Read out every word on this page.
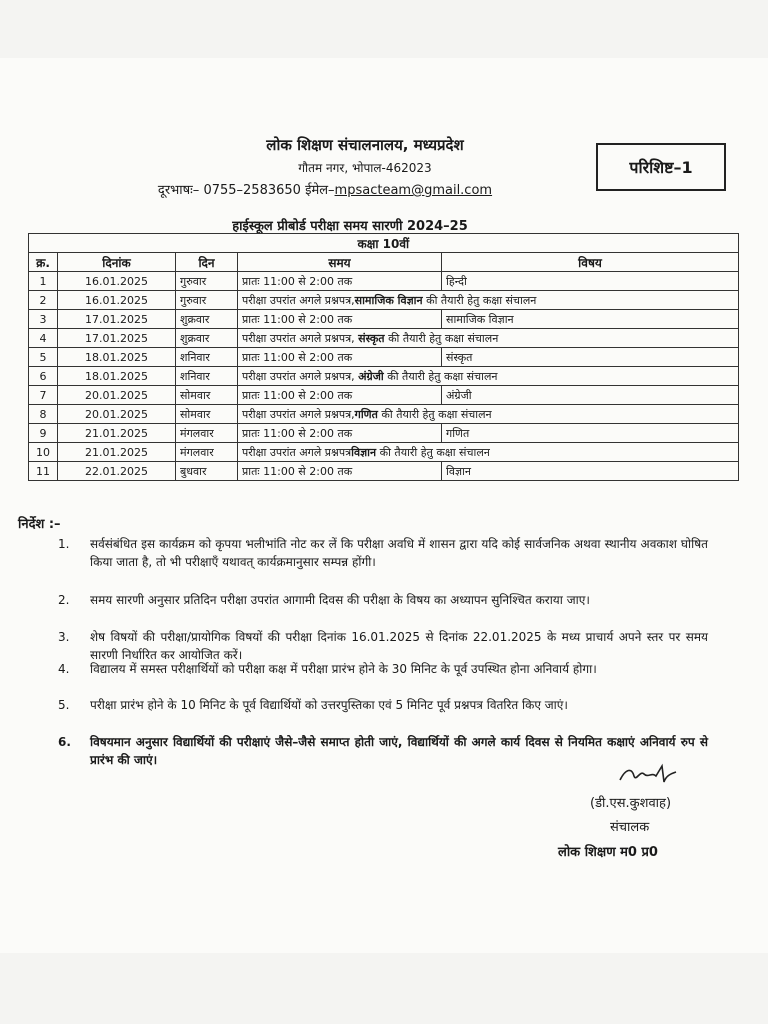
लोक शिक्षण संचालनालय, मध्यप्रदेश
गौतम नगर, भोपाल-462023
दूरभाषः– 0755–2583650 ईमेल–mpsacteam@gmail.com
परिशिष्ट–1
हाईस्कूल प्रीबोर्ड परीक्षा समय सारणी 2024–25
			कक्षा 10वीं	
क्र.	दिनांक	दिन	समय	विषय
1	16.01.2025	गुरुवार	प्रातः 11:00 से 2:00 तक	हिन्दी
2	16.01.2025	गुरुवार	परीक्षा उपरांत अगले प्रश्नपत्र,सामाजिक विज्ञान की तैयारी हेतु कक्षा संचालन	
3	17.01.2025	शुक्रवार	प्रातः 11:00 से 2:00 तक	सामाजिक विज्ञान
4	17.01.2025	शुक्रवार	परीक्षा उपरांत अगले प्रश्नपत्र, संस्कृत की तैयारी हेतु कक्षा संचालन	
5	18.01.2025	शनिवार	प्रातः 11:00 से 2:00 तक	संस्कृत
6	18.01.2025	शनिवार	परीक्षा उपरांत अगले प्रश्नपत्र, अंग्रेजी की तैयारी हेतु कक्षा संचालन	
7	20.01.2025	सोमवार	प्रातः 11:00 से 2:00 तक	अंग्रेजी
8	20.01.2025	सोमवार	परीक्षा उपरांत अगले प्रश्नपत्र,गणित की तैयारी हेतु कक्षा संचालन	
9	21.01.2025	मंगलवार	प्रातः 11:00 से 2:00 तक	गणित
10	21.01.2025	मंगलवार	परीक्षा उपरांत अगले प्रश्नपत्रविज्ञान की तैयारी हेतु कक्षा संचालन	
11	22.01.2025	बुधवार	प्रातः 11:00 से 2:00 तक	विज्ञान
निर्देश :–
1.	सर्वसंबंधित इस कार्यक्रम को कृपया भलीभांति नोट कर लें कि परीक्षा अवधि में शासन द्वारा यदि कोई सार्वजनिक अथवा स्थानीय अवकाश घोषित किया जाता है, तो भी परीक्षाएँ यथावत् कार्यक्रमानुसार सम्पन्न होंगी।
2.	समय सारणी अनुसार प्रतिदिन परीक्षा उपरांत आगामी दिवस की परीक्षा के विषय का अध्यापन सुनिश्चित कराया जाए।
3.	शेष विषयों की परीक्षा/प्रायोगिक विषयों की परीक्षा दिनांक 16.01.2025 से दिनांक 22.01.2025 के मध्य प्राचार्य अपने स्तर पर समय सारणी निर्धारित कर आयोजित करें।
4.	विद्यालय में समस्त परीक्षार्थियों को परीक्षा कक्ष में परीक्षा प्रारंभ होने के 30 मिनिट के पूर्व उपस्थित होना अनिवार्य होगा।
5.	परीक्षा प्रारंभ होने के 10 मिनिट के पूर्व विद्यार्थियों को उत्तरपुस्तिका एवं 5 मिनिट पूर्व प्रश्नपत्र वितरित किए जाएं।
6.	विषयमान अनुसार विद्यार्थियों की परीक्षाएं जैसे–जैसे समाप्त होती जाएं, विद्यार्थियों की अगले कार्य दिवस से नियमित कक्षाएं अनिवार्य रुप से प्रारंभ की जाएं।
(डी.एस.कुशवाह)
संचालक
लोक शिक्षण म0 प्र0
